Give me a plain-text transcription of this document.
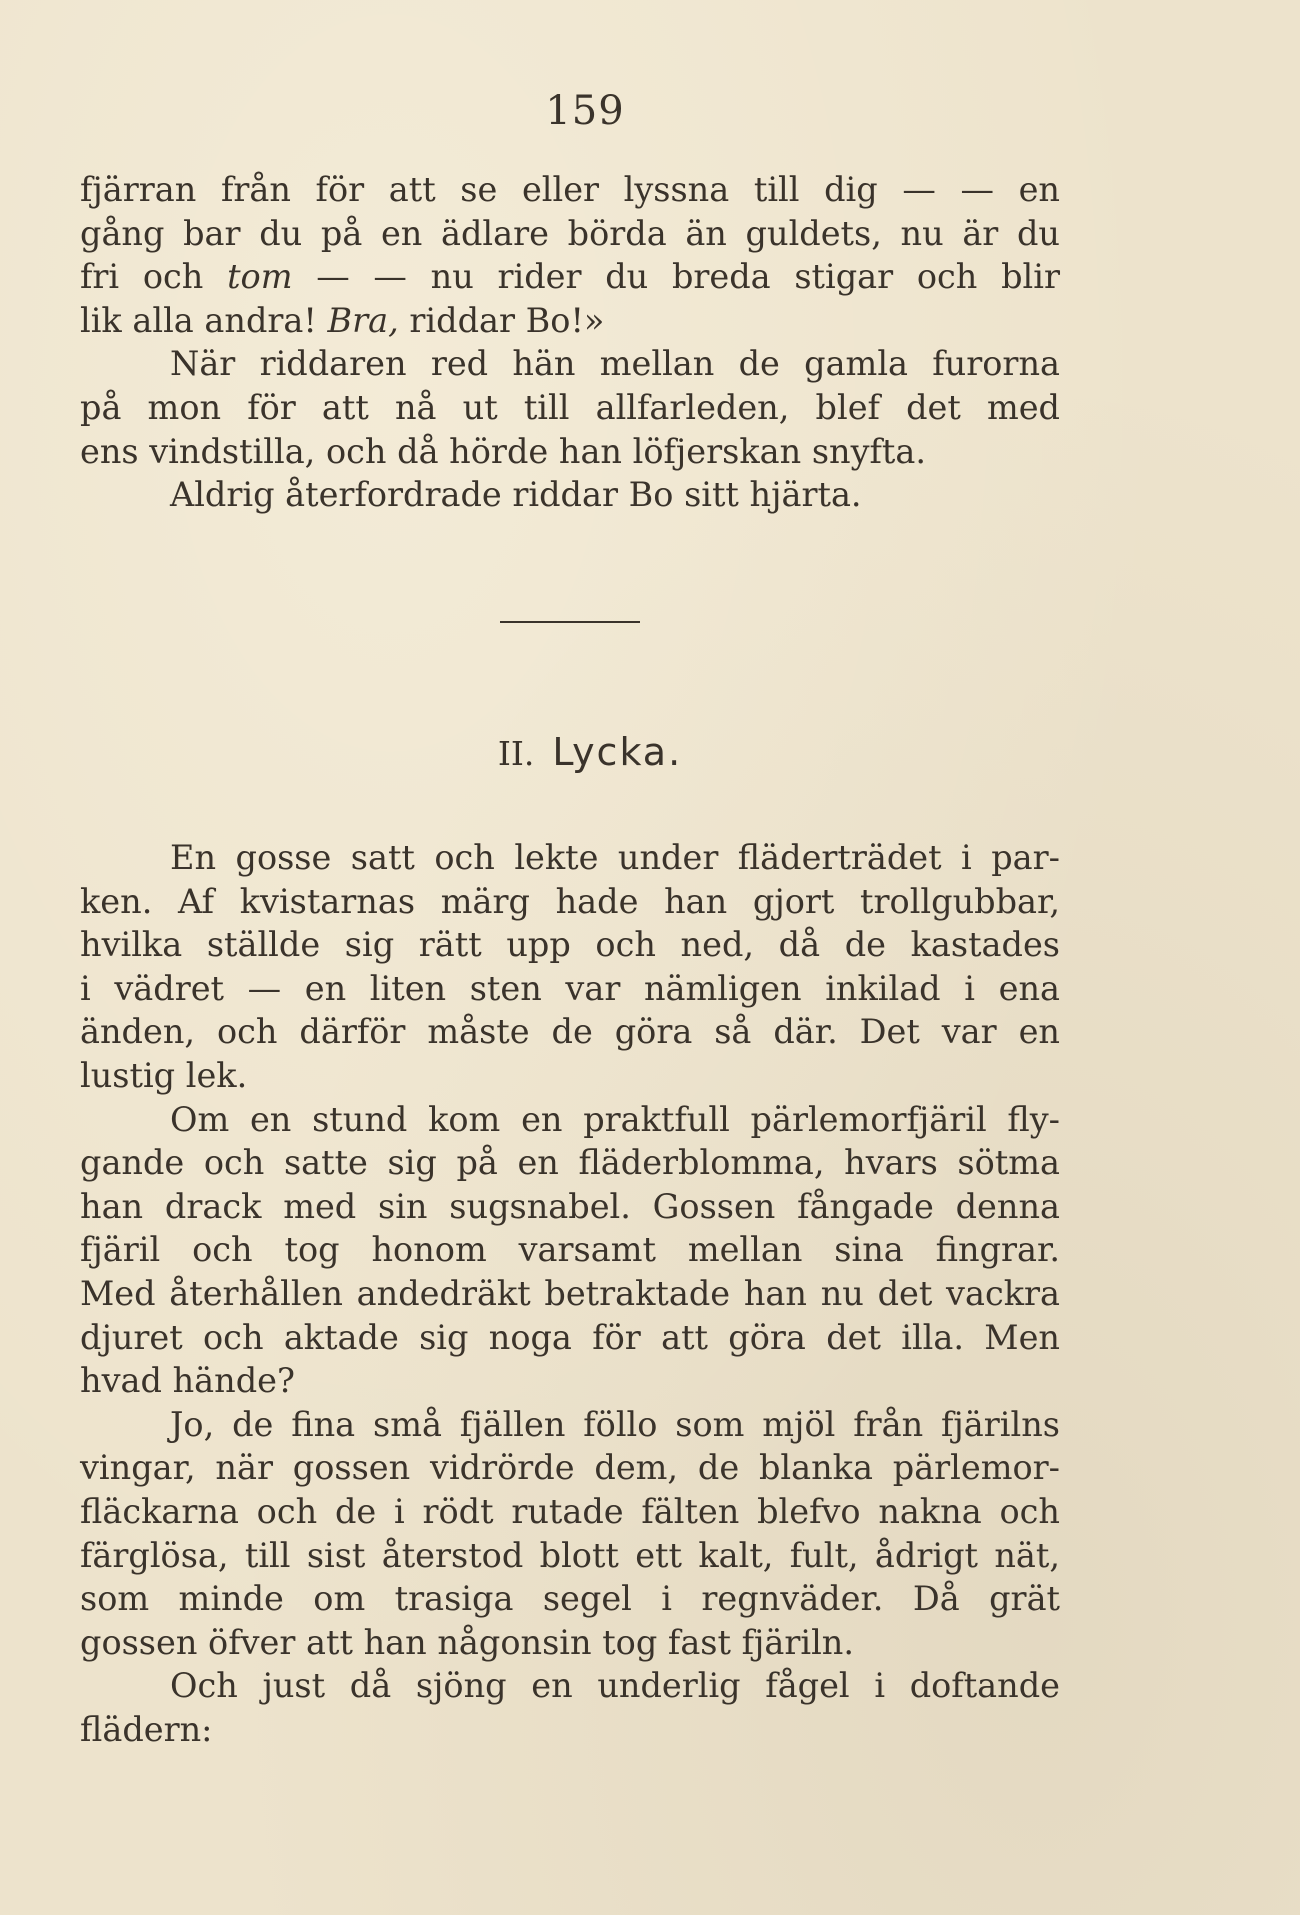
159
fjärran från för att se eller lyssna till dig — — en
gång bar du på en ädlare börda än guldets, nu är du
fri och tom — — nu rider du breda stigar och blir
lik alla andra! Bra, riddar Bo!»
När riddaren red hän mellan de gamla furorna
på mon för att nå ut till allfarleden, blef det med
ens vindstilla, och då hörde han löfjerskan snyfta.
Aldrig återfordrade riddar Bo sitt hjärta.
II. Lycka.
En gosse satt och lekte under fläderträdet i par-
ken. Af kvistarnas märg hade han gjort trollgubbar,
hvilka ställde sig rätt upp och ned, då de kastades
i vädret — en liten sten var nämligen inkilad i ena
änden, och därför måste de göra så där. Det var en
lustig lek.
Om en stund kom en praktfull pärlemorfjäril fly-
gande och satte sig på en fläderblomma, hvars sötma
han drack med sin sugsnabel. Gossen fångade denna
fjäril och tog honom varsamt mellan sina fingrar.
Med återhållen andedräkt betraktade han nu det vackra
djuret och aktade sig noga för att göra det illa. Men
hvad hände?
Jo, de fina små fjällen föllo som mjöl från fjärilns
vingar, när gossen vidrörde dem, de blanka pärlemor-
fläckarna och de i rödt rutade fälten blefvo nakna och
färglösa, till sist återstod blott ett kalt, fult, ådrigt nät,
som minde om trasiga segel i regnväder. Då grät
gossen öfver att han någonsin tog fast fjäriln.
Och just då sjöng en underlig fågel i doftande
flädern:
